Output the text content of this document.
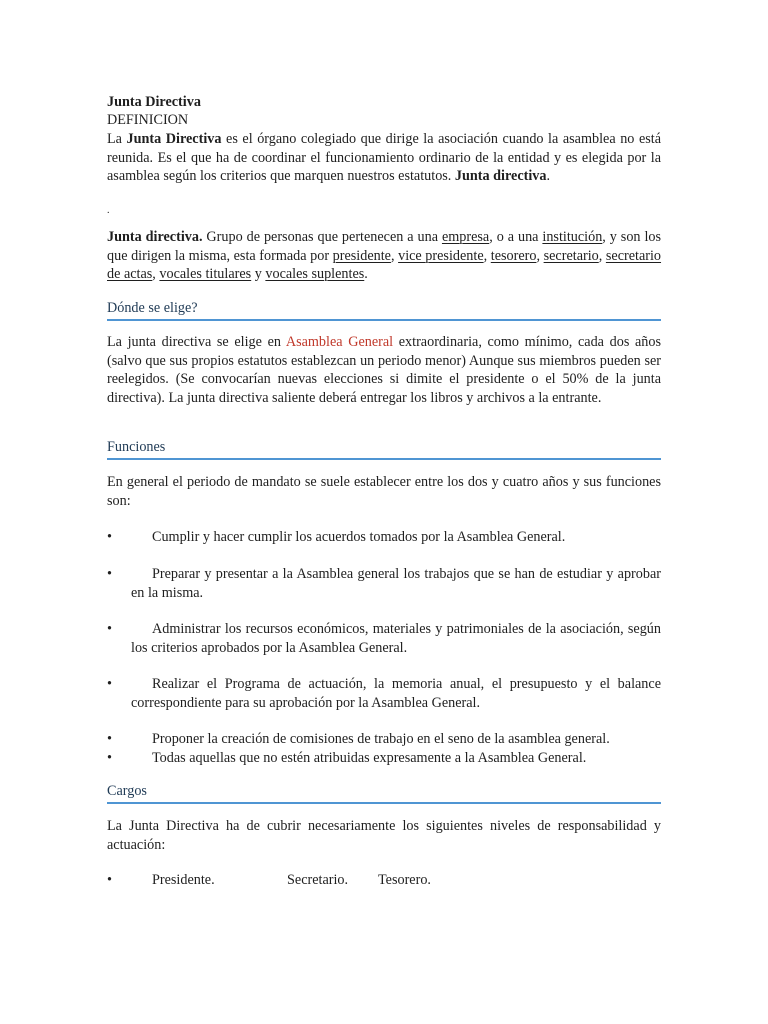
Junta Directiva
DEFINICION

La Junta Directiva es el órgano colegiado que dirige la asociación cuando la asamblea no está reunida. Es el que ha de coordinar el funcionamiento ordinario de la entidad y es elegida por la asamblea según los criterios que marquen nuestros estatutos. Junta directiva.

.

Junta directiva. Grupo de personas que pertenecen a una empresa, o a una institución, y son los que dirigen la misma, esta formada por presidente, vice presidente, tesorero, secretario, secretario de actas, vocales titulares y vocales suplentes.

Dónde se elige?

La junta directiva se elige en Asamblea General extraordinaria, como mínimo, cada dos años (salvo que sus propios estatutos establezcan un periodo menor) Aunque sus miembros pueden ser reelegidos. (Se convocarían nuevas elecciones si dimite el presidente o el 50% de la junta directiva). La junta directiva saliente deberá entregar los libros y archivos a la entrante.

Funciones

En general el periodo de mandato se suele establecer entre los dos y cuatro años y sus funciones son:

•	Cumplir y hacer cumplir los acuerdos tomados por la Asamblea General.
•	Preparar y presentar a la Asamblea general los trabajos que se han de estudiar y aprobar en la misma.
•	Administrar los recursos económicos, materiales y patrimoniales de la asociación, según los criterios aprobados por la Asamblea General.
•	Realizar el Programa de actuación, la memoria anual, el presupuesto y el balance correspondiente para su aprobación por la Asamblea General.
•	Proponer la creación de comisiones de trabajo en el seno de la asamblea general.
•	Todas aquellas que no estén atribuidas expresamente a la Asamblea General.
Cargos

La Junta Directiva ha de cubrir necesariamente los siguientes niveles de responsabilidad y actuación:

•	Presidente.	Secretario. Tesorero.
